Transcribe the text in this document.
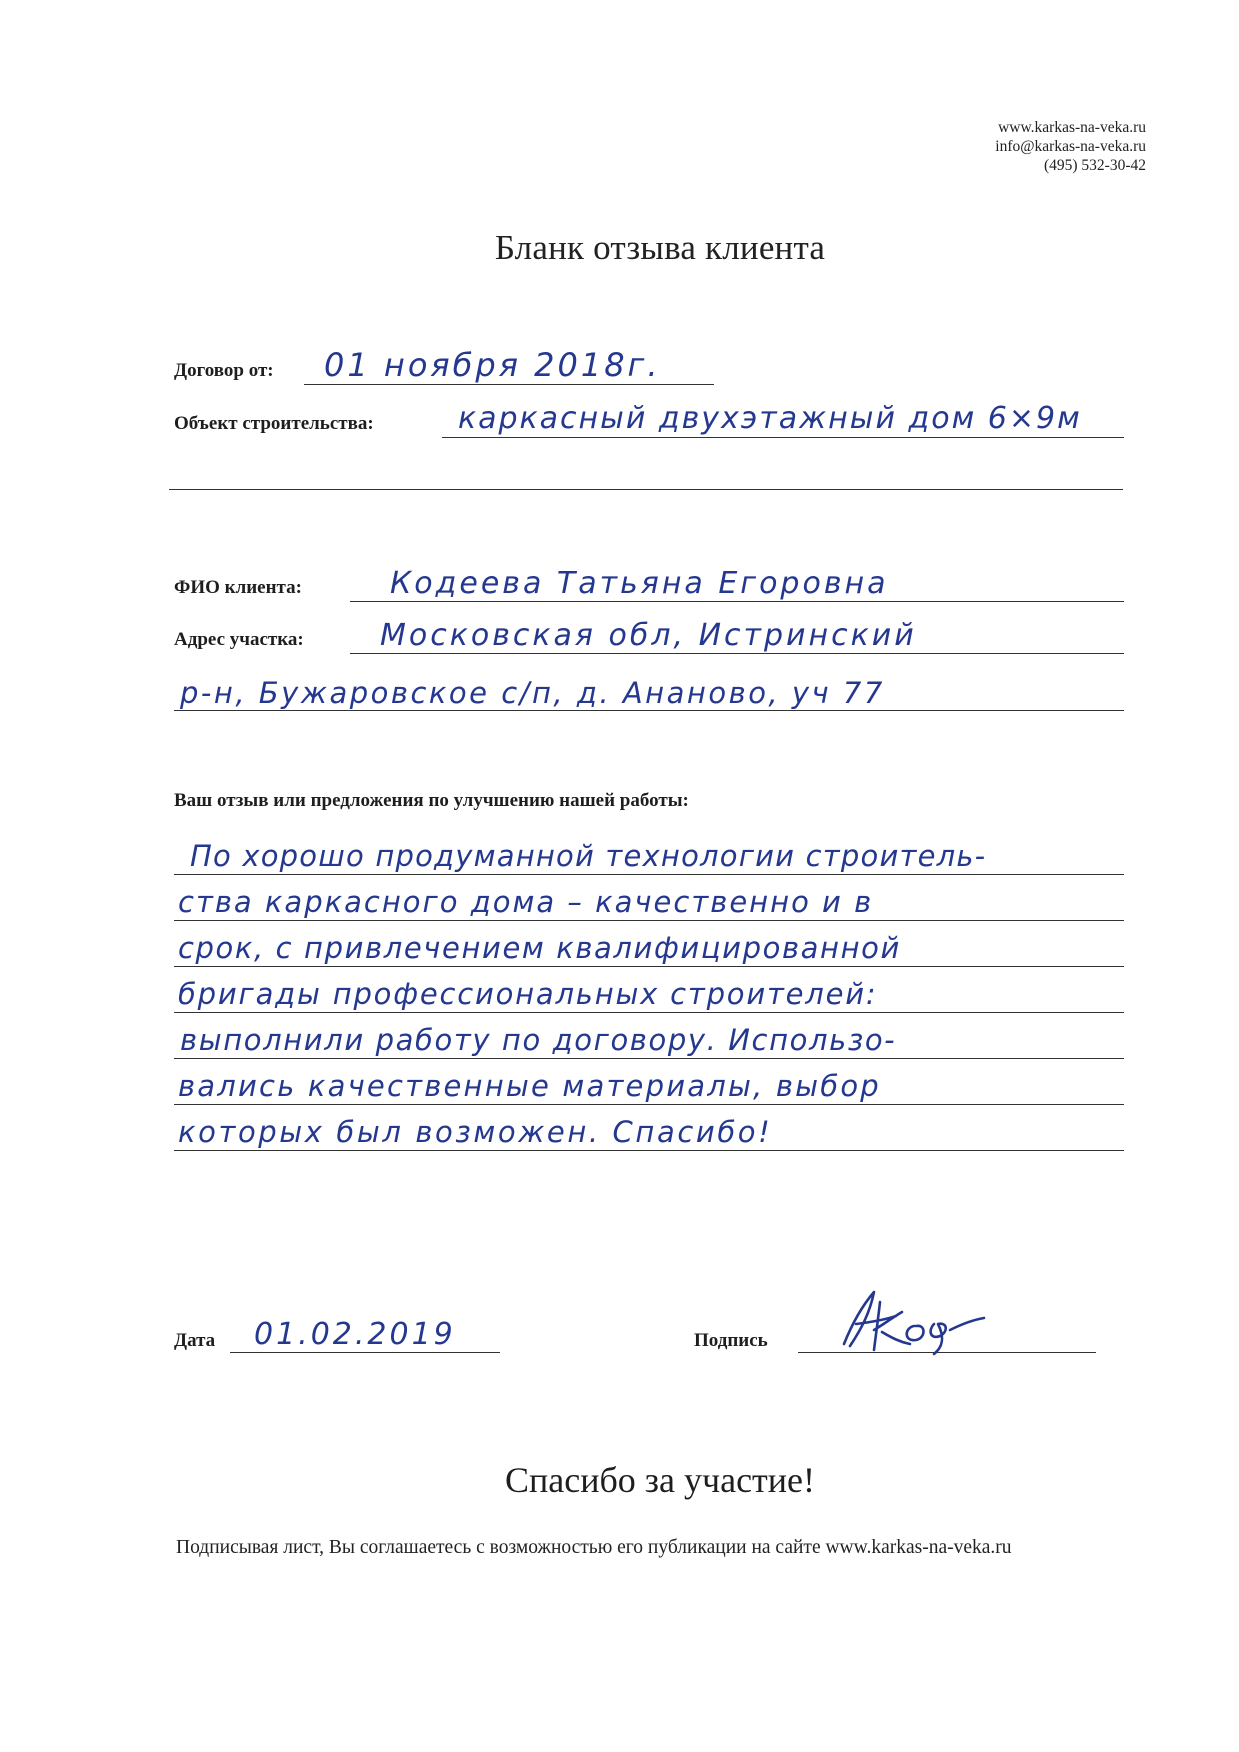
www.karkas-na-veka.ru
info@karkas-na-veka.ru
(495) 532-30-42
Бланк отзыва клиента
Договор от: 01 ноября 2018г.
Объект строительства:	каркасный двухэтажный дом 6×9м
ФИО клиента:	Кодеева Татьяна Егоровна
Адрес участка:	Московская обл, Истринский
р-н, Бужаровское с/п, д. Ананово, уч 77
Ваш отзыв или предложения по улучшению нашей работы:
По хорошо продуманной технологии строитель-
ства каркасного дома – качественно и в
срок, с привлечением квалифицированной
бригады профессиональных строителей:
выполнили работу по договору. Использо-
вались качественные материалы, выбор
которых был возможен. Спасибо!
Дата 01.02.2019	Подпись
Спасибо за участие!
Подписывая лист, Вы соглашаетесь с возможностью его публикации на сайте www.karkas-na-veka.ru
